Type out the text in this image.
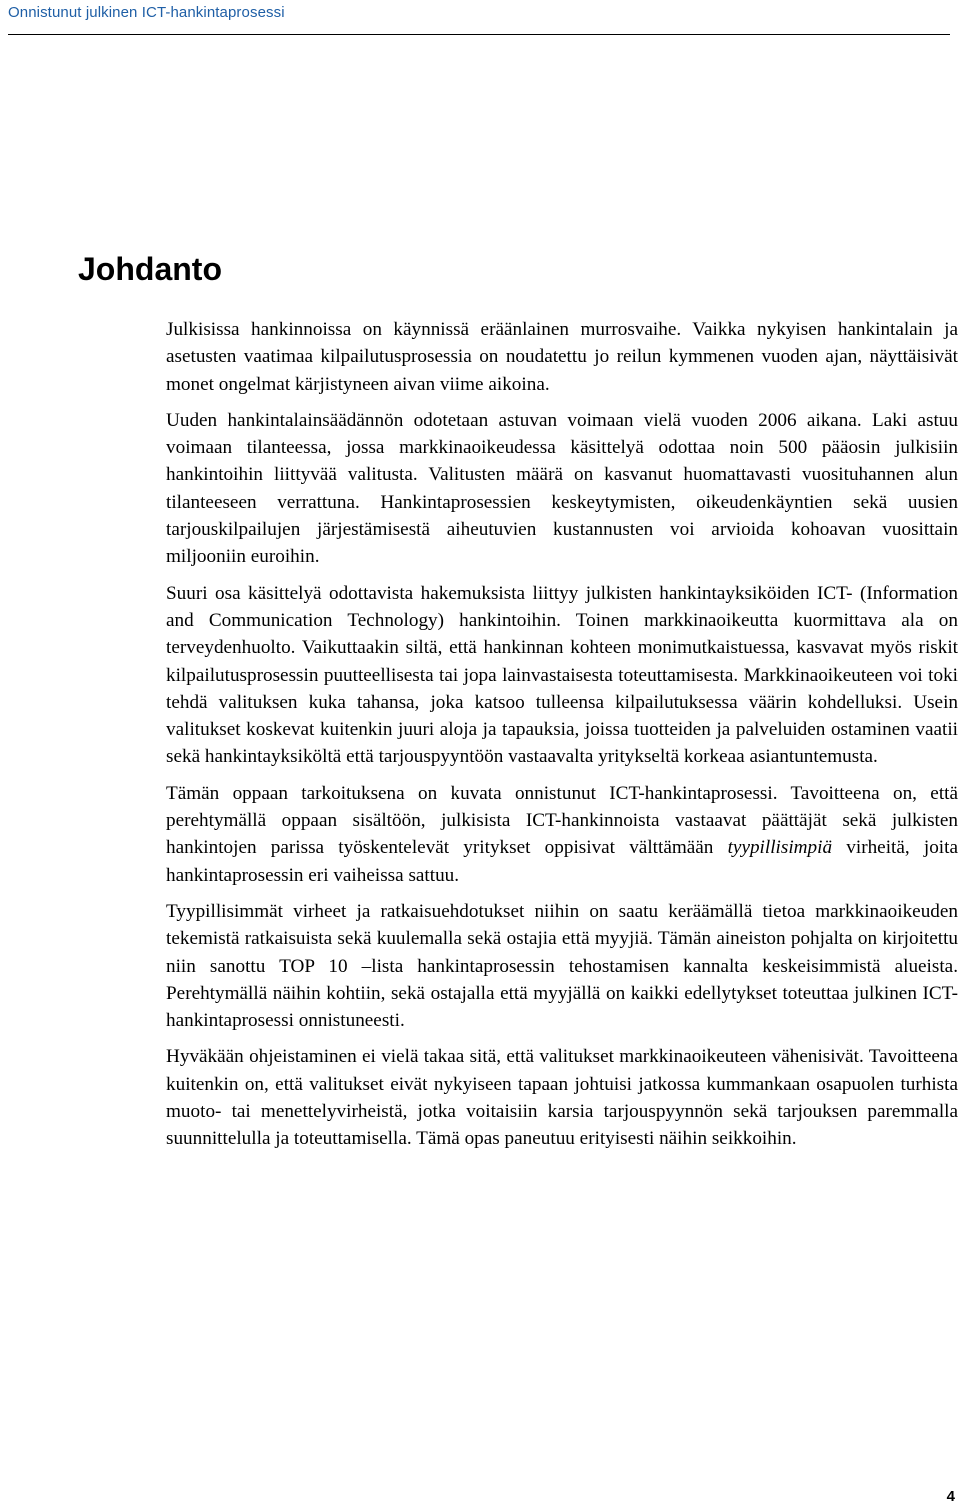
Onnistunut julkinen ICT-hankintaprosessi
Johdanto

Julkisissa hankinnoissa on käynnissä eräänlainen murrosvaihe. Vaikka nykyisen hankintalain ja asetusten vaatimaa kilpailutusprosessia on noudatettu jo reilun kymmenen vuoden ajan, näyttäisivät monet ongelmat kärjistyneen aivan viime aikoina.

Uuden hankintalainsäädännön odotetaan astuvan voimaan vielä vuoden 2006 aikana. Laki astuu voimaan tilanteessa, jossa markkinaoikeudessa käsittelyä odottaa noin 500 pääosin julkisiin hankintoihin liittyvää valitusta. Valitusten määrä on kasvanut huomattavasti vuosituhannen alun tilanteeseen verrattuna. Hankintaprosessien keskeytymisten, oikeudenkäyntien sekä uusien tarjouskilpailujen järjestämisestä aiheutuvien kustannusten voi arvioida kohoavan vuosittain miljooniin euroihin.

Suuri osa käsittelyä odottavista hakemuksista liittyy julkisten hankintayksiköiden ICT- (Information and Communication Technology) hankintoihin. Toinen markkinaoikeutta kuormittava ala on terveydenhuolto. Vaikuttaakin siltä, että hankinnan kohteen monimutkaistuessa, kasvavat myös riskit kilpailutusprosessin puutteellisesta tai jopa lainvastaisesta toteuttamisesta. Markkinaoikeuteen voi toki tehdä valituksen kuka tahansa, joka katsoo tulleensa kilpailutuksessa väärin kohdelluksi. Usein valitukset koskevat kuitenkin juuri aloja ja tapauksia, joissa tuotteiden ja palveluiden ostaminen vaatii sekä hankintayksiköltä että tarjouspyyntöön vastaavalta yritykseltä korkeaa asiantuntemusta.

Tämän oppaan tarkoituksena on kuvata onnistunut ICT-hankintaprosessi. Tavoitteena on, että perehtymällä oppaan sisältöön, julkisista ICT-hankinnoista vastaavat päättäjät sekä julkisten hankintojen parissa työskentelevät yritykset oppisivat välttämään tyypillisimpiä virheitä, joita hankintaprosessin eri vaiheissa sattuu.

Tyypillisimmät virheet ja ratkaisuehdotukset niihin on saatu keräämällä tietoa markkinaoikeuden tekemistä ratkaisuista sekä kuulemalla sekä ostajia että myyjiä. Tämän aineiston pohjalta on kirjoitettu niin sanottu TOP 10 –lista hankintaprosessin tehostamisen kannalta keskeisimmistä alueista. Perehtymällä näihin kohtiin, sekä ostajalla että myyjällä on kaikki edellytykset toteuttaa julkinen ICT-hankintaprosessi onnistuneesti.

Hyväkään ohjeistaminen ei vielä takaa sitä, että valitukset markkinaoikeuteen vähenisivät. Tavoitteena kuitenkin on, että valitukset eivät nykyiseen tapaan johtuisi jatkossa kummankaan osapuolen turhista muoto- tai menettelyvirheistä, jotka voitaisiin karsia tarjouspyynnön sekä tarjouksen paremmalla suunnittelulla ja toteuttamisella. Tämä opas paneutuu erityisesti näihin seikkoihin.

4
